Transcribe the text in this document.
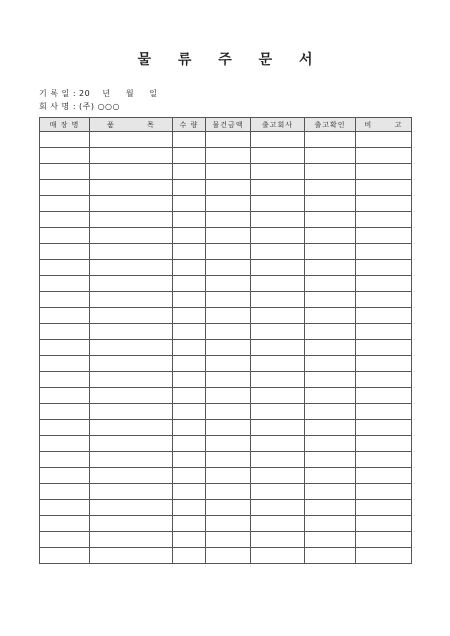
물 류 주 문 서
기 록 일 : 20    년     월     일
회 사 명 : (주) ○○○
매 장 명	품          목	수 량	물건금액	출고회사	출고확인	비       고
